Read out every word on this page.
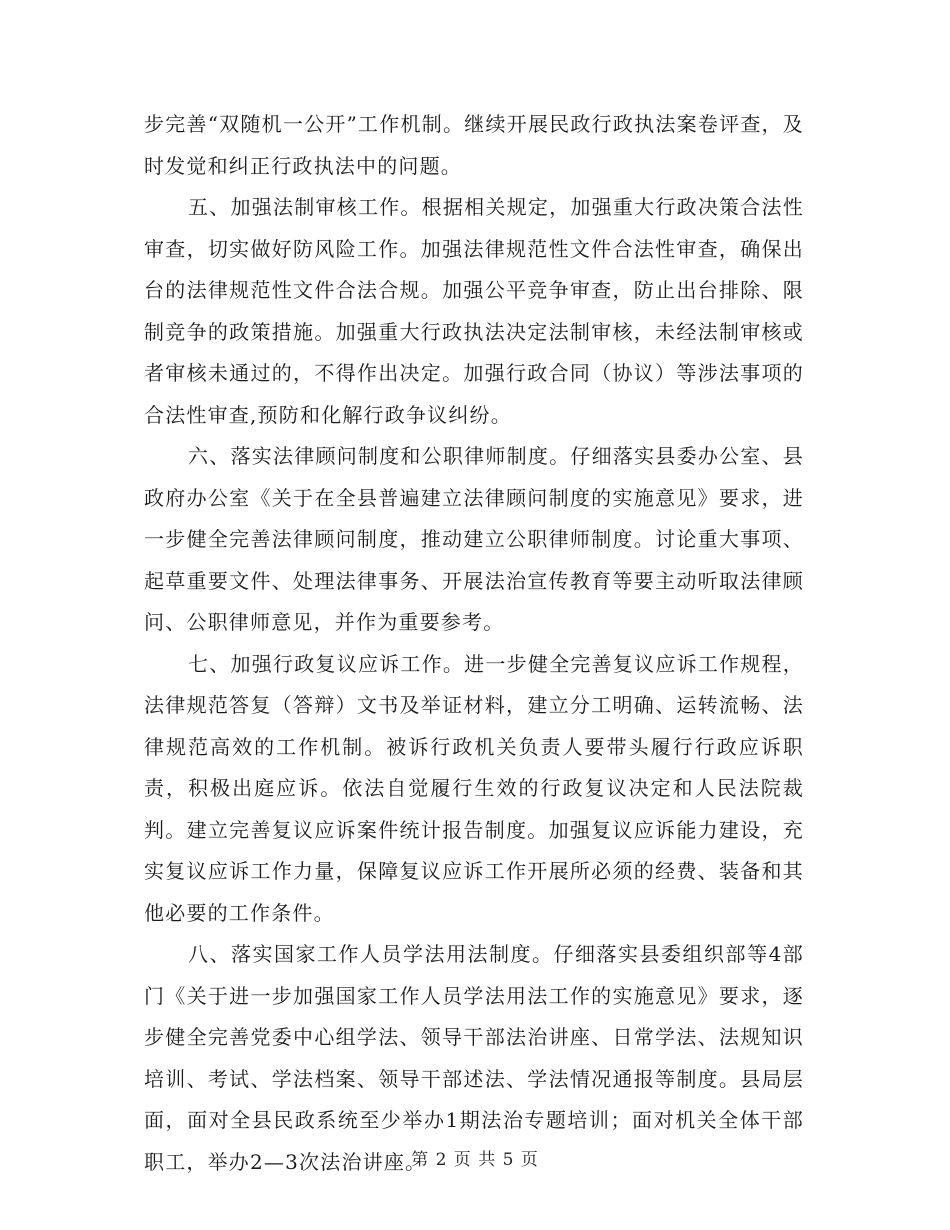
步完善“双随机一公开”工作机制。继续开展民政行政执法案卷评查，及时发觉和纠正行政执法中的问题。

五、加强法制审核工作。根据相关规定，加强重大行政决策合法性审查，切实做好防风险工作。加强法律规范性文件合法性审查，确保出台的法律规范性文件合法合规。加强公平竞争审查，防止出台排除、限制竞争的政策措施。加强重大行政执法决定法制审核，未经法制审核或者审核未通过的，不得作出决定。加强行政合同（协议）等涉法事项的合法性审查,预防和化解行政争议纠纷。

六、落实法律顾问制度和公职律师制度。仔细落实县委办公室、县政府办公室《关于在全县普遍建立法律顾问制度的实施意见》要求，进一步健全完善法律顾问制度，推动建立公职律师制度。讨论重大事项、起草重要文件、处理法律事务、开展法治宣传教育等要主动听取法律顾问、公职律师意见，并作为重要参考。

七、加强行政复议应诉工作。进一步健全完善复议应诉工作规程，法律规范答复（答辩）文书及举证材料，建立分工明确、运转流畅、法律规范高效的工作机制。被诉行政机关负责人要带头履行行政应诉职责，积极出庭应诉。依法自觉履行生效的行政复议决定和人民法院裁判。建立完善复议应诉案件统计报告制度。加强复议应诉能力建设，充实复议应诉工作力量，保障复议应诉工作开展所必须的经费、装备和其他必要的工作条件。

八、落实国家工作人员学法用法制度。仔细落实县委组织部等4部门《关于进一步加强国家工作人员学法用法工作的实施意见》要求，逐步健全完善党委中心组学法、领导干部法治讲座、日常学法、法规知识培训、考试、学法档案、领导干部述法、学法情况通报等制度。县局层面，面对全县民政系统至少举办1期法治专题培训；面对机关全体干部职工，举办2—3次法治讲座。

第 2 页 共 5 页
